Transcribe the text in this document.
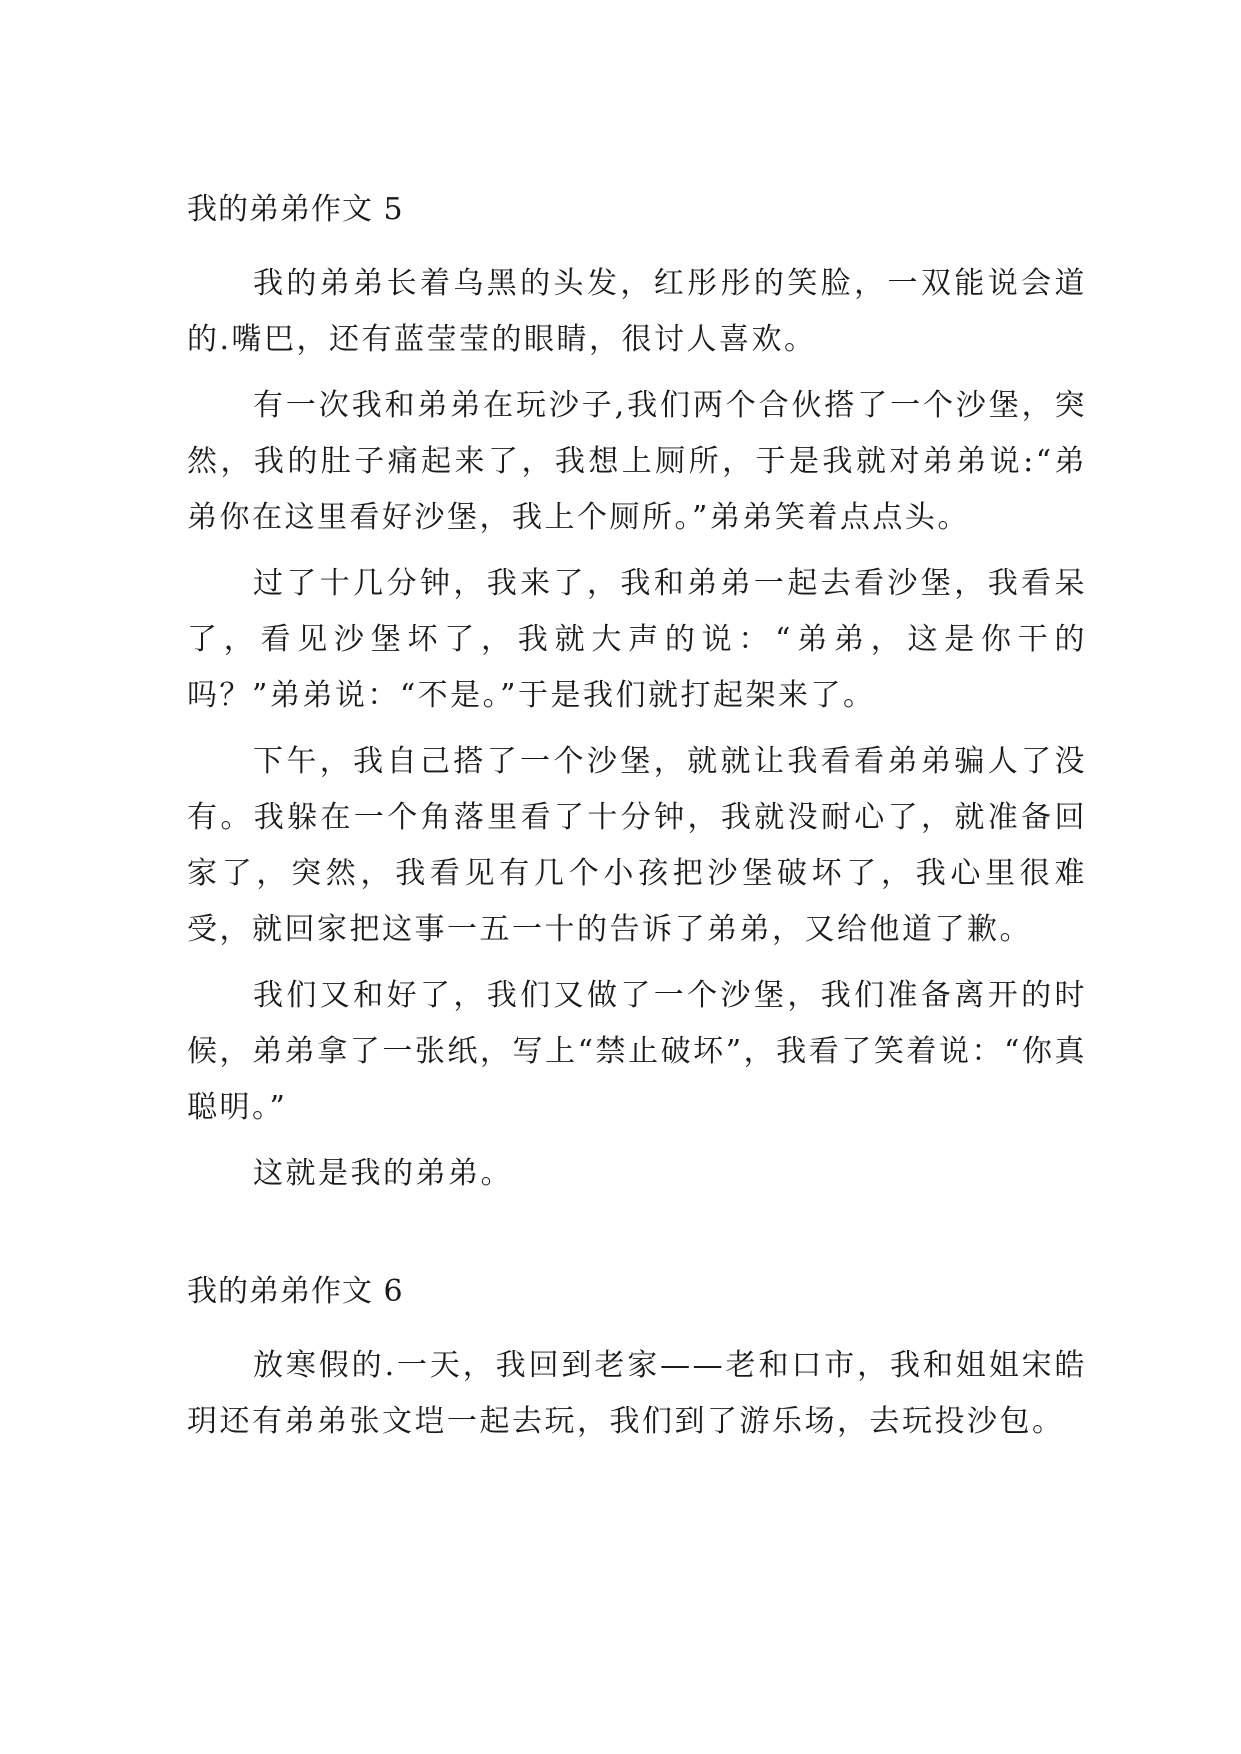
我的弟弟作文 5

我的弟弟长着乌黑的头发，红彤彤的笑脸，一双能说会道的.嘴巴，还有蓝莹莹的眼睛，很讨人喜欢。

有一次我和弟弟在玩沙子,我们两个合伙搭了一个沙堡，突然，我的肚子痛起来了，我想上厕所，于是我就对弟弟说:“弟弟你在这里看好沙堡，我上个厕所。”弟弟笑着点点头。

过了十几分钟，我来了，我和弟弟一起去看沙堡，我看呆了，看见沙堡坏了，我就大声的说：“弟弟，这是你干的吗？”弟弟说：“不是。”于是我们就打起架来了。

下午，我自己搭了一个沙堡，就就让我看看弟弟骗人了没有。我躲在一个角落里看了十分钟，我就没耐心了，就准备回家了，突然，我看见有几个小孩把沙堡破坏了，我心里很难受，就回家把这事一五一十的告诉了弟弟，又给他道了歉。

我们又和好了，我们又做了一个沙堡，我们准备离开的时候，弟弟拿了一张纸，写上“禁止破坏”，我看了笑着说：“你真聪明。”

这就是我的弟弟。

我的弟弟作文 6

放寒假的.一天，我回到老家——老和口市，我和姐姐宋皓玥还有弟弟张文垲一起去玩，我们到了游乐场，去玩投沙包。
